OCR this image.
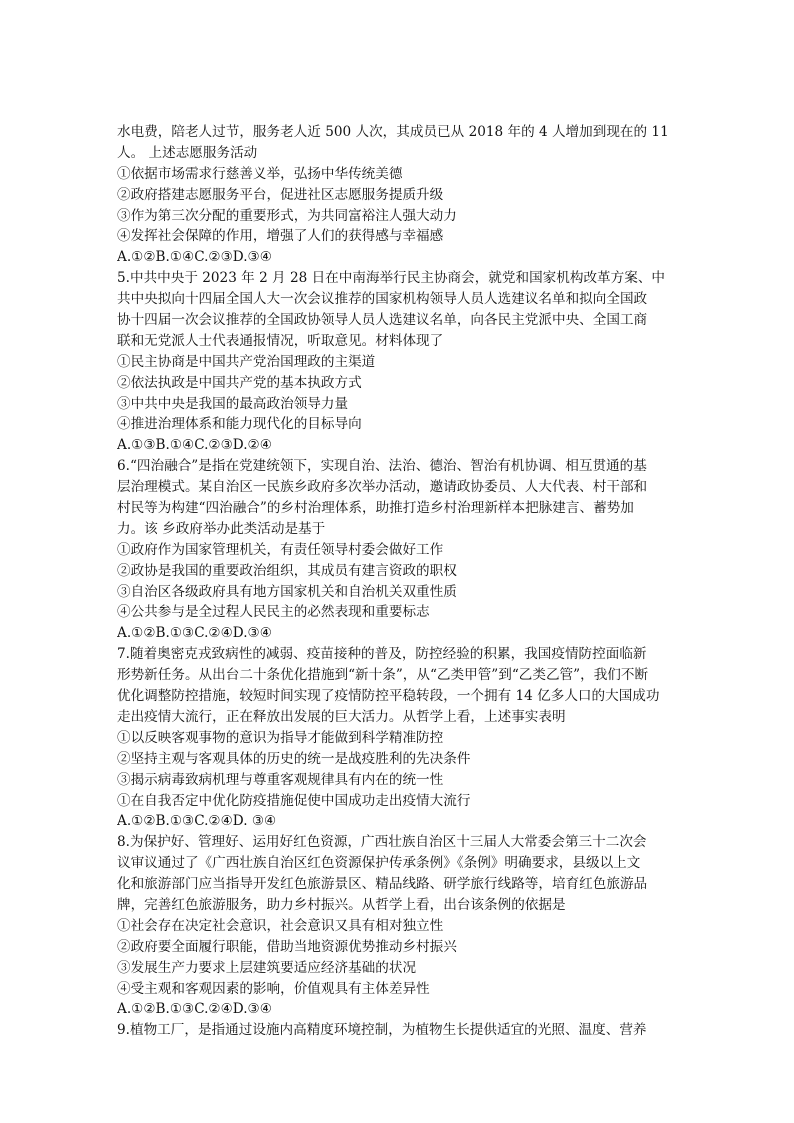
水电费，陪老人过节，服务老人近 500 人次，其成员已从 2018 年的 4 人增加到现在的 11
人。 上述志愿服务活动
①依据市场需求行慈善义举，弘扬中华传统美德
②政府搭建志愿服务平台，促进社区志愿服务提质升级
③作为第三次分配的重要形式，为共同富裕注人强大动力
④发挥社会保障的作用，增强了人们的获得感与幸福感
A.①②B.①④C.②③D.③④
5.中共中央于 2023 年 2 月 28 日在中南海举行民主协商会，就党和国家机构改革方案、中
共中央拟向十四届全国人大一次会议推荐的国家机构领导人员人选建议名单和拟向全国政
协十四届一次会议推荐的全国政协领导人员人选建议名单，向各民主党派中央、全国工商
联和无党派人士代表通报情况，听取意见。材料体现了
①民主协商是中国共产党治国理政的主渠道
②依法执政是中国共产党的基本执政方式
③中共中央是我国的最高政治领导力量
④推进治理体系和能力现代化的目标导向
A.①③B.①④C.②③D.②④
6.“四治融合”是指在党建统领下，实现自治、法治、德治、智治有机协调、相互贯通的基
层治理模式。某自治区一民族乡政府多次举办活动，邀请政协委员、人大代表、村干部和
村民等为构建“四治融合”的乡村治理体系，助推打造乡村治理新样本把脉建言、蓄势加
力。该 乡政府举办此类活动是基于
①政府作为国家管理机关，有责任领导村委会做好工作
②政协是我国的重要政治组织，其成员有建言资政的职权
③自治区各级政府具有地方国家机关和自治机关双重性质
④公共参与是全过程人民民主的必然表现和重要标志
A.①②B.①③C.②④D.③④
7.随着奥密克戎致病性的减弱、疫苗接种的普及，防控经验的积累，我国疫情防控面临新
形势新任务。从出台二十条优化措施到“新十条”，从“乙类甲管”到“乙类乙管”，我们不断
优化调整防控措施，较短时间实现了疫情防控平稳转段，一个拥有 14 亿多人口的大国成功
走出疫情大流行，正在释放出发展的巨大活力。从哲学上看，上述事实表明
①以反映客观事物的意识为指导才能做到科学精准防控
②坚持主观与客观具体的历史的统一是战疫胜利的先决条件
③揭示病毒致病机理与尊重客观规律具有内在的统一性
①在自我否定中优化防疫措施促使中国成功走出疫情大流行
A.①②B.①③C.②④D. ③④
8.为保护好、管理好、运用好红色资源，广西壮族自治区十三届人大常委会第三十二次会
议审议通过了《广西壮族自治区红色资源保护传承条例》《条例》明确要求，县级以上文
化和旅游部门应当指导开发红色旅游景区、精品线路、研学旅行线路等，培育红色旅游品
牌，完善红色旅游服务，助力乡村振兴。从哲学上看，出台该条例的依据是
①社会存在决定社会意识，社会意识又具有相对独立性
②政府要全面履行职能，借助当地资源优势推动乡村振兴
③发展生产力要求上层建筑要适应经济基础的状况
④受主观和客观因素的影响，价值观具有主体差异性
A.①②B.①③C.②④D.③④
9.植物工厂，是指通过设施内高精度环境控制，为植物生长提供适宜的光照、温度、营养
